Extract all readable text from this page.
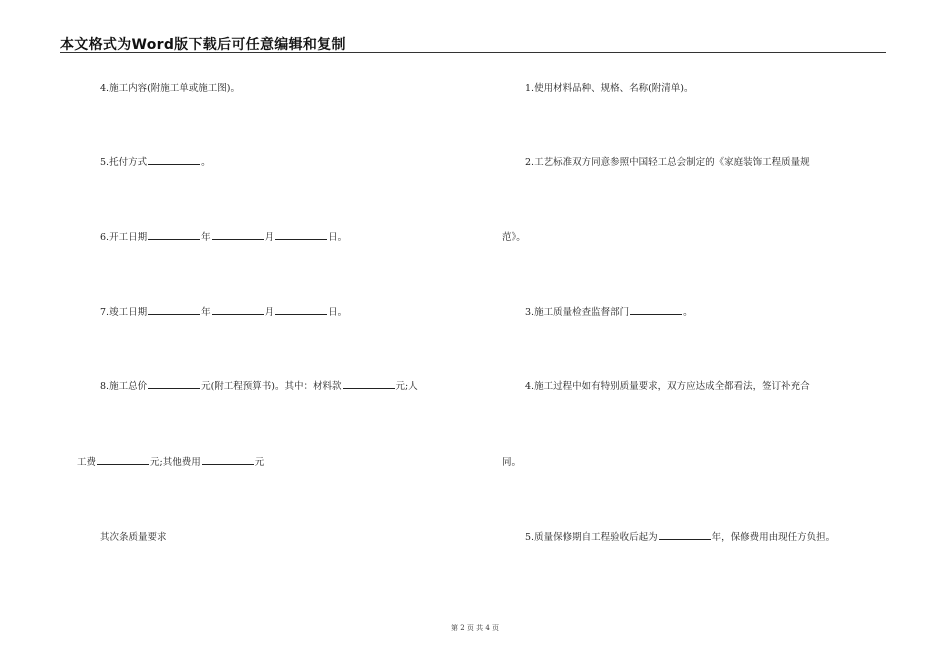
本文格式为Word版下载后可任意编辑和复制
4.施工内容(附施工单或施工图)。
5.托付方式	。
6.开工日期	年	月	日。
7.竣工日期	年	月	日。
8.施工总价	元(附工程预算书)。其中：材料款	元;人
工费	元;其他费用	元
其次条质量要求
1.使用材料品种、规格、名称(附清单)。
2.工艺标准双方同意参照中国轻工总会制定的《家庭装饰工程质量规
范》。
3.施工质量检查监督部门	。
4.施工过程中如有特别质量要求，双方应达成全都看法，签订补充合
同。
5.质量保修期自工程验收后起为	年，保修费用由现任方负担。
第 2 页 共 4 页
